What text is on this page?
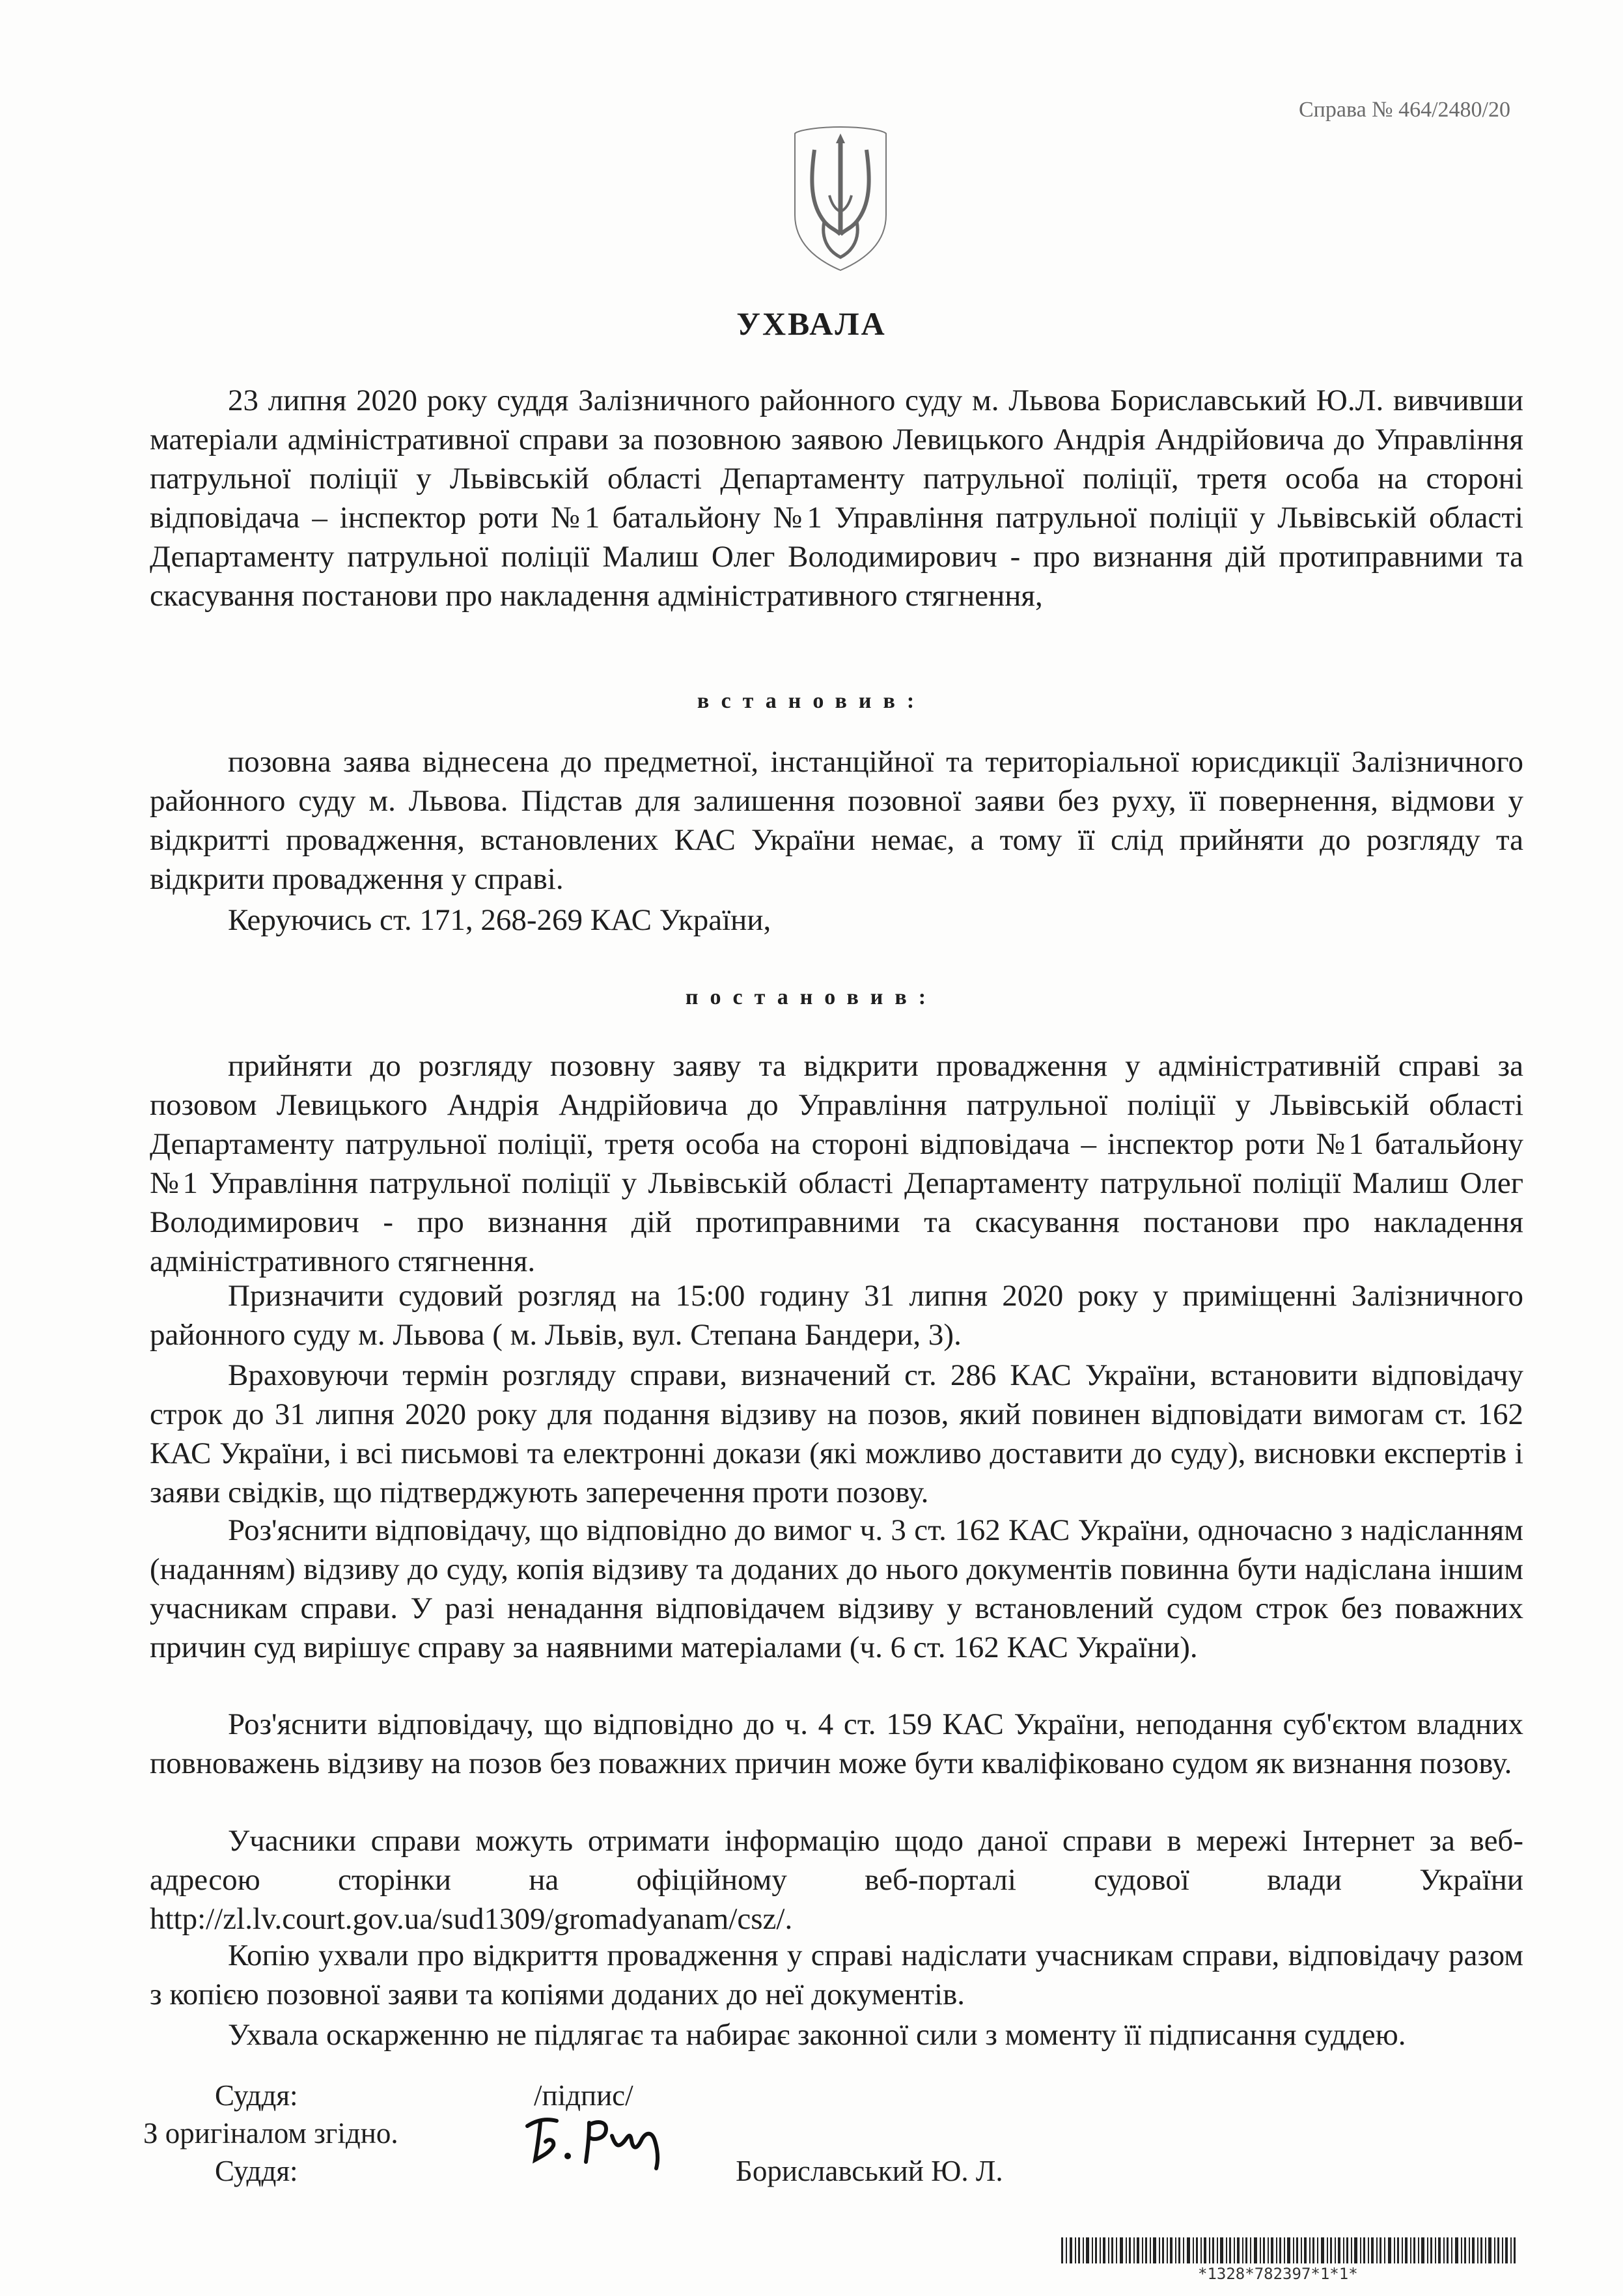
Справа № 464/2480/20
УХВАЛА

23 липня 2020 року суддя Залізничного районного суду м. Львова Бориславський Ю.Л. вивчивши матеріали адміністративної справи за позовною заявою Левицького Андрія Андрійовича до Управління патрульної поліції у Львівській області Департаменту патрульної поліції, третя особа на стороні відповідача – інспектор роти №1 батальйону №1 Управління патрульної поліції у Львівській області Департаменту патрульної поліції Малиш Олег Володимирович - про визнання дій протиправними та скасування постанови про накладення адміністративного стягнення,

встановив:

позовна заява віднесена до предметної, інстанційної та територіальної юрисдикції Залізничного районного суду м. Львова. Підстав для залишення позовної заяви без руху, її повернення, відмови у відкритті провадження, встановлених КАС України немає, а тому її слід прийняти до розгляду та відкрити провадження у справі.

Керуючись ст. 171, 268-269 КАС України,

постановив:

прийняти до розгляду позовну заяву та відкрити провадження у адміністративній справі за позовом Левицького Андрія Андрійовича до Управління патрульної поліції у Львівській області Департаменту патрульної поліції, третя особа на стороні відповідача – інспектор роти №1 батальйону №1 Управління патрульної поліції у Львівській області Департаменту патрульної поліції Малиш Олег Володимирович - про визнання дій протиправними та скасування постанови про накладення адміністративного стягнення.

Призначити судовий розгляд на 15:00 годину 31 липня 2020 року у приміщенні Залізничного районного суду м. Львова ( м. Львів, вул. Степана Бандери, 3).

Враховуючи термін розгляду справи, визначений ст. 286 КАС України, встановити відповідачу строк до 31 липня 2020 року для подання відзиву на позов, який повинен відповідати вимогам ст. 162 КАС України, і всі письмові та електронні докази (які можливо доставити до суду), висновки експертів і заяви свідків, що підтверджують заперечення проти позову.

Роз'яснити відповідачу, що відповідно до вимог ч. 3 ст. 162 КАС України, одночасно з надісланням (наданням) відзиву до суду, копія відзиву та доданих до нього документів повинна бути надіслана іншим учасникам справи. У разі ненадання відповідачем відзиву у встановлений судом строк без поважних причин суд вирішує справу за наявними матеріалами (ч. 6 ст. 162 КАС України).

Роз'яснити відповідачу, що відповідно до ч. 4 ст. 159 КАС України, неподання суб'єктом владних повноважень відзиву на позов без поважних причин може бути кваліфіковано судом як визнання позову.

Учасники справи можуть отримати інформацію щодо даної справи в мережі Інтернет за веб-адресою сторінки на офіційному веб-порталі судової влади України http://zl.lv.court.gov.ua/sud1309/gromadyanam/csz/.

Копію ухвали про відкриття провадження у справі надіслати учасникам справи, відповідачу разом з копією позовної заяви та копіями доданих до неї документів.

Ухвала оскарженню не підлягає та набирає законної сили з моменту її підписання суддею.

Суддя:	/підпис/
З оригіналом згідно.
Суддя:	Бориславський Ю. Л.
*1328*782397*1*1*
